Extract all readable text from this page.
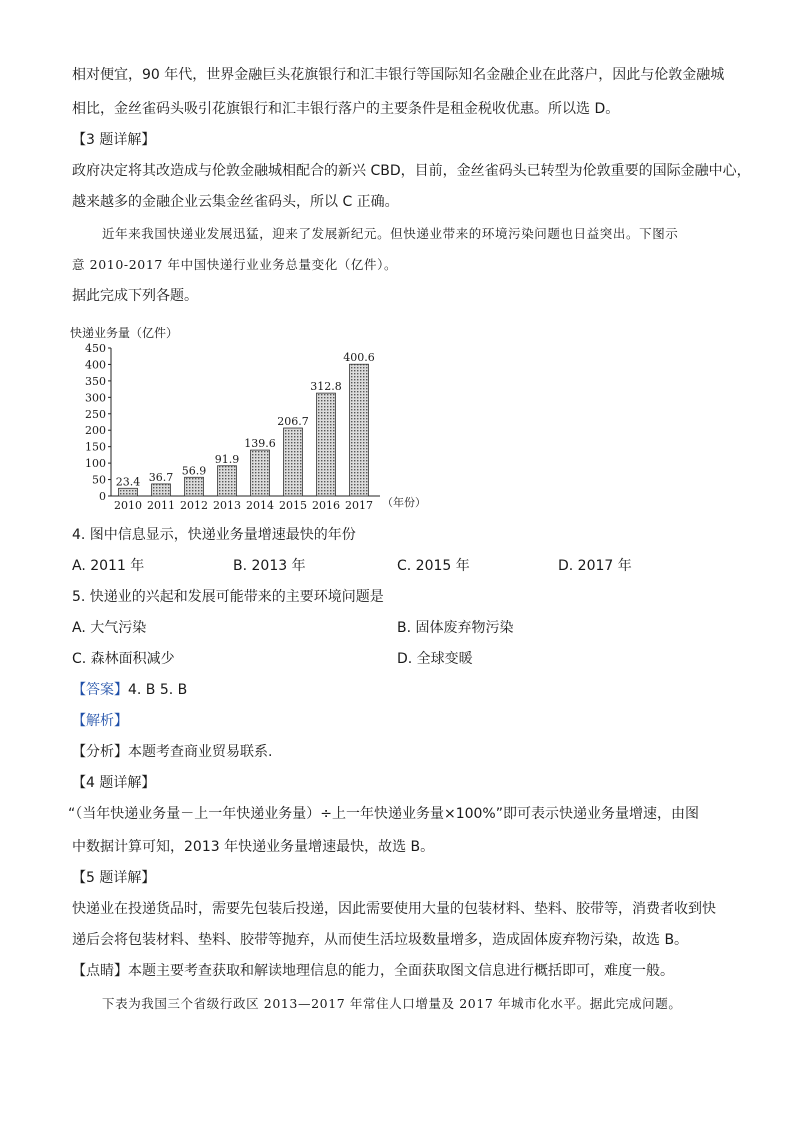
相对便宜，90 年代，世界金融巨头花旗银行和汇丰银行等国际知名金融企业在此落户，因此与伦敦金融城
相比，金丝雀码头吸引花旗银行和汇丰银行落户的主要条件是租金税收优惠。所以选 D。
【3 题详解】
政府决定将其改造成与伦敦金融城相配合的新兴 CBD，目前，金丝雀码头已转型为伦敦重要的国际金融中心，
越来越多的金融企业云集金丝雀码头，所以 C 正确。
近年来我国快递业发展迅猛，迎来了发展新纪元。但快递业带来的环境污染问题也日益突出。下图示
意 2010-2017 年中国快递行业业务总量变化（亿件）。
据此完成下列各题。
快递业务量（亿件）
0
50
100
150
200
250
300
350
400
450
23.4 36.7
56.9
91.9
139.6
206.7
312.8
400.6
2010 2011 2012 2013 2014 2015 2016 2017 （年份）
4. 图中信息显示，快递业务量增速最快的年份
A. 2011 年	B. 2013 年	C. 2015 年	D. 2017 年
5. 快递业的兴起和发展可能带来的主要环境问题是
A. 大气污染	B. 固体废弃物污染
C. 森林面积减少	D. 全球变暖
【答案】4. B 5. B
【解析】
【分析】本题考查商业贸易联系.
【4 题详解】
“（当年快递业务量－上一年快递业务量）÷上一年快递业务量×100%”即可表示快递业务量增速，由图
中数据计算可知，2013 年快递业务量增速最快，故选 B。
【5 题详解】
快递业在投递货品时，需要先包装后投递，因此需要使用大量的包装材料、垫料、胶带等，消费者收到快
递后会将包装材料、垫料、胶带等抛弃，从而使生活垃圾数量增多，造成固体废弃物污染，故选 B。
【点睛】本题主要考查获取和解读地理信息的能力，全面获取图文信息进行概括即可，难度一般。
下表为我国三个省级行政区 2013—2017 年常住人口增量及 2017 年城市化水平。据此完成问题。
